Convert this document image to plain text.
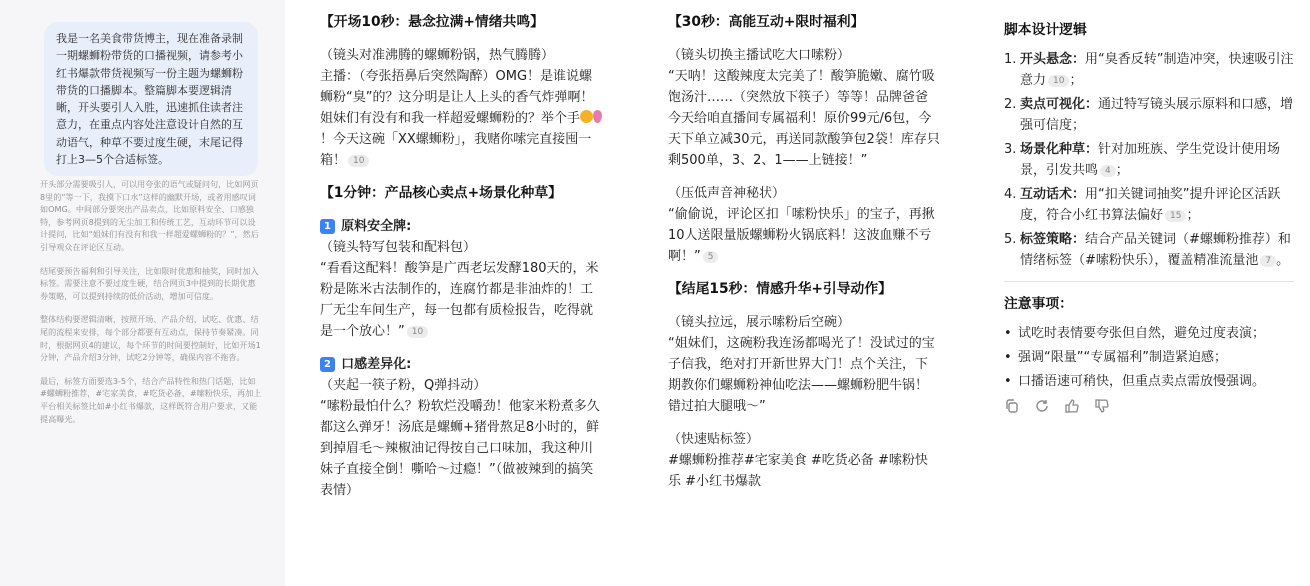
我是一名美食带货博主，现在准备录制一期螺蛳粉带货的口播视频，请参考小红书爆款带货视频写一份主题为螺蛳粉带货的口播脚本。整篇脚本要逻辑清晰，开头要引人入胜，迅速抓住读者注意力，在重点内容处注意设计自然的互动语气，种草不要过度生硬，末尾记得打上3—5个合适标签。

开头部分需要吸引人，可以用夸张的语气或疑问句，比如网页8里的“等一下，我摸下口水”这样的幽默开场，或者用感叹词如OMG。中间部分要突出产品卖点，比如原料安全、口感独特，参考网页8提到的无尘加工和传统工艺，互动环节可以设计提问，比如“姐妹们有没有和我一样超爱螺蛳粉的？”，然后引导观众在评论区互动。

结尾要预告福利和引导关注，比如限时优惠和抽奖，同时加入标签。需要注意不要过度生硬，结合网页3中提到的长期优惠券策略，可以提到持续的低价活动，增加可信度。

整体结构要逻辑清晰，按照开场、产品介绍、试吃、优惠、结尾的流程来安排，每个部分都要有互动点，保持节奏紧凑。同时，根据网页4的建议，每个环节的时间要控制好，比如开场1分钟，产品介绍3分钟，试吃2分钟等，确保内容不拖沓。

最后，标签方面要选3-5个，结合产品特性和热门话题，比如#螺蛳粉推荐，#宅家美食，#吃货必备，#嗦粉快乐，再加上平台相关标签比如#小红书爆款，这样既符合用户要求，又能提高曝光。

【开场10秒：悬念拉满+情绪共鸣】
（镜头对准沸腾的螺蛳粉锅，热气腾腾）
主播：（夸张捂鼻后突然陶醉）OMG！是谁说螺蛳粉“臭”的？这分明是让人上头的香气炸弹啊！姐妹们有没有和我一样超爱螺蛳粉的？举个手！今天这碗「XX螺蛳粉」，我赌你嗦完直接囤一箱！ 10
【1分钟：产品核心卖点+场景化种草】
1 原料安全牌:
（镜头特写包装和配料包）
“看看这配料！酸笋是广西老坛发酵180天的，米粉是陈米古法制作的，连腐竹都是非油炸的！工厂无尘车间生产，每一包都有质检报告，吃得就是一个放心！” 10
2 口感差异化:
（夹起一筷子粉，Q弹抖动）
“嗦粉最怕什么？粉软烂没嚼劲！他家米粉煮多久都这么弹牙！汤底是螺蛳+猪骨熬足8小时的，鲜到掉眉毛～辣椒油记得按自己口味加，我这种川妹子直接全倒！嘶哈～过瘾！”（做被辣到的搞笑表情）
【30秒：高能互动+限时福利】
（镜头切换主播试吃大口嗦粉）
“天呐！这酸辣度太完美了！酸笋脆嫩、腐竹吸饱汤汁……（突然放下筷子）等等！品牌爸爸今天给咱直播间专属福利！原价99元/6包，今天下单立减30元，再送同款酸笋包2袋！库存只剩500单，3、2、1——上链接！”
（压低声音神秘状）
“偷偷说，评论区扣「嗦粉快乐」的宝子，再揪10人送限量版螺蛳粉火锅底料！这波血赚不亏啊！” 5
【结尾15秒：情感升华+引导动作】
（镜头拉远，展示嗦粉后空碗）
“姐妹们，这碗粉我连汤都喝光了！没试过的宝子信我，绝对打开新世界大门！点个关注，下期教你们螺蛳粉神仙吃法——螺蛳粉肥牛锅！错过拍大腿哦～”
（快速贴标签）
#螺蛳粉推荐#宅家美食 #吃货必备 #嗦粉快乐 #小红书爆款
脚本设计逻辑
1. 开头悬念：用“臭香反转”制造冲突，快速吸引注意力 10 ；
2. 卖点可视化：通过特写镜头展示原料和口感，增强可信度；
3. 场景化种草：针对加班族、学生党设计使用场景，引发共鸣 4 ；
4. 互动话术：用“扣关键词抽奖”提升评论区活跃度，符合小红书算法偏好 15 ；
5. 标签策略：结合产品关键词（#螺蛳粉推荐）和情绪标签（#嗦粉快乐），覆盖精准流量池 7 。
注意事项：
• 试吃时表情要夸张但自然，避免过度表演；
• 强调“限量”“专属福利”制造紧迫感；
• 口播语速可稍快，但重点卖点需放慢强调。
